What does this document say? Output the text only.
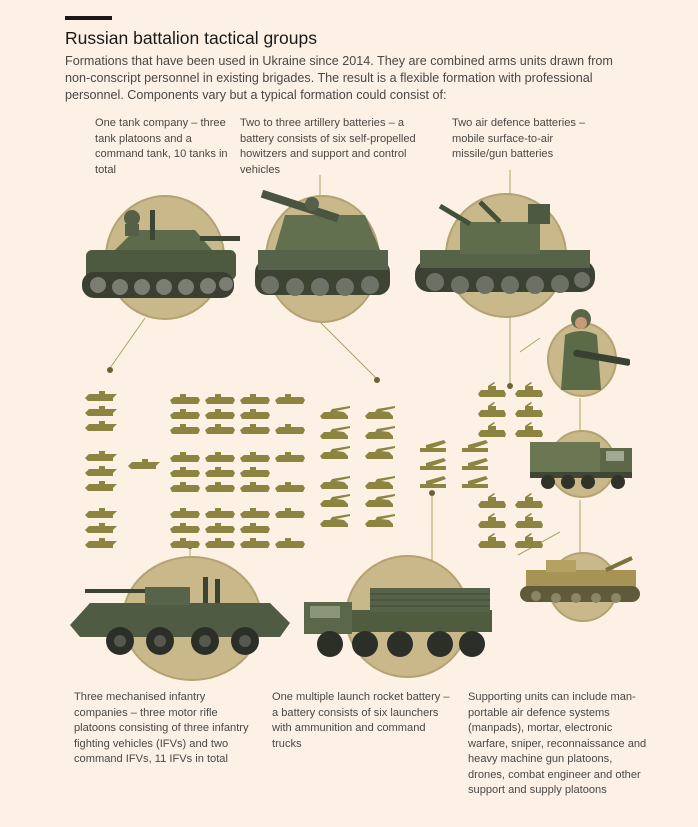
Russian battalion tactical groups
Formations that have been used in Ukraine since 2014. They are combined arms units drawn from non-conscript personnel in existing brigades. The result is a flexible formation with professional personnel. Components vary but a typical formation could consist of:
One tank company – three tank platoons and a command tank, 10 tanks in total
Two to three artillery batteries – a battery consists of six self-propelled howitzers and support and control vehicles
Two air defence batteries – mobile surface-to-air missile/gun batteries
Three mechanised infantry companies – three motor rifle platoons consisting of three infantry fighting vehicles (IFVs) and two command IFVs, 11 IFVs in total
One multiple launch rocket battery – a battery consists of six launchers with ammunition and command trucks
Supporting units can include man-portable air defence systems (manpads), mortar, electronic warfare, sniper, reconnaissance and heavy machine gun platoons, drones, combat engineer and other support and supply platoons
